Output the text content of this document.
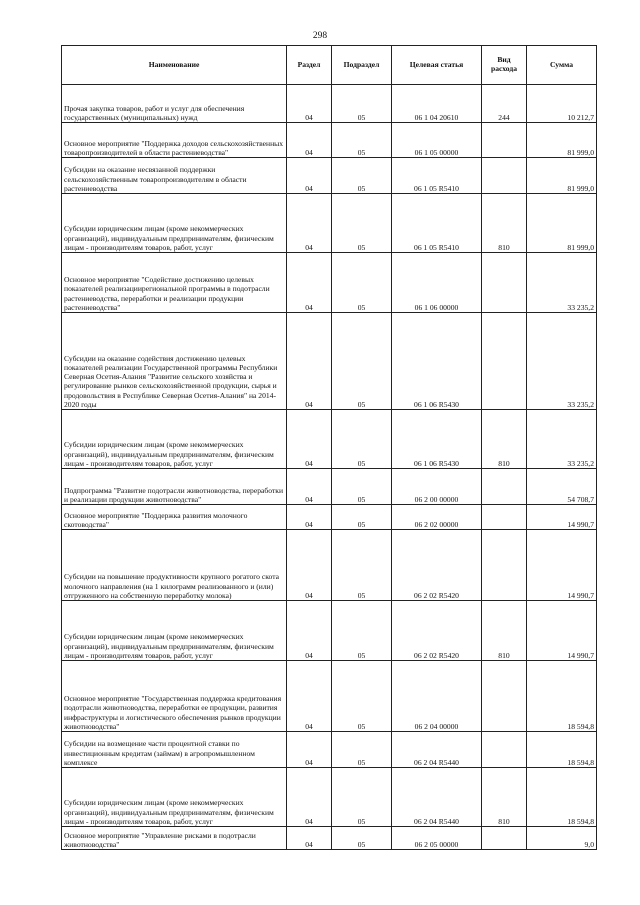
298
Наименование	Раздел	Подраздел	Целевая статья	Вид расхода	Сумма
Прочая закупка товаров, работ и услуг для обеспечения государственных (муниципальных) нужд	04	05	06 1 04 20610	244	10 212,7
Основное мероприятие "Поддержка доходов сельскохозяйственных товаропроизводителей в области растениеводства"	04	05	06 1 05 00000		81 999,0
Субсидии на оказание несвязанной поддержки сельскохозяйственным товаропроизводителям в области растениеводства	04	05	06 1 05 R5410		81 999,0
Субсидии юридическим лицам (кроме некоммерческих организаций), индивидуальным предпринимателям, физическим лицам - производителям товаров, работ, услуг	04	05	06 1 05 R5410	810	81 999,0
Основное мероприятие "Содействие достижению целевых показателей реализациирегиональной программы в подотрасли растениеводства, переработки и реализации продукции растениеводства"	04	05	06 1 06 00000		33 235,2
Субсидии на оказание содействия достижению целевых показателей реализации Государственной программы Республики Северная Осетия-Алания "Развитие сельского хозяйства и регулирование рынков сельскохозяйственной продукции, сырья и продовольствия в Республике Северная Осетия-Алания" на 2014-2020 годы	04	05	06 1 06 R5430		33 235,2
Субсидии юридическим лицам (кроме некоммерческих организаций), индивидуальным предпринимателям, физическим лицам - производителям товаров, работ, услуг	04	05	06 1 06 R5430	810	33 235,2
Подпрограмма "Развитие подотрасли животноводства, переработки и реализации продукции животноводства"	04	05	06 2 00 00000		54 708,7
Основное мероприятие "Поддержка развития молочного скотоводства"	04	05	06 2 02 00000		14 990,7
Субсидии на повышение продуктивности крупного рогатого скота молочного направления (на 1 килограмм реализованного и (или) отгруженного на собственную переработку молока)	04	05	06 2 02 R5420		14 990,7
Субсидии юридическим лицам (кроме некоммерческих организаций), индивидуальным предпринимателям, физическим лицам - производителям товаров, работ, услуг	04	05	06 2 02 R5420	810	14 990,7
Основное мероприятие "Государственная поддержка кредитования подотрасли животноводства, переработки ее продукции, развития инфраструктуры и логистического обеспечения рынков продукции животноводства"	04	05	06 2 04 00000		18 594,8
Субсидии на возмещение части процентной ставки по инвестиционным кредитам (займам) в агропромышленном комплексе	04	05	06 2 04 R5440		18 594,8
Субсидии юридическим лицам (кроме некоммерческих организаций), индивидуальным предпринимателям, физическим лицам - производителям товаров, работ, услуг	04	05	06 2 04 R5440	810	18 594,8
Основное мероприятие "Управление рисками в подотрасли животноводства"	04	05	06 2 05 00000		9,0
